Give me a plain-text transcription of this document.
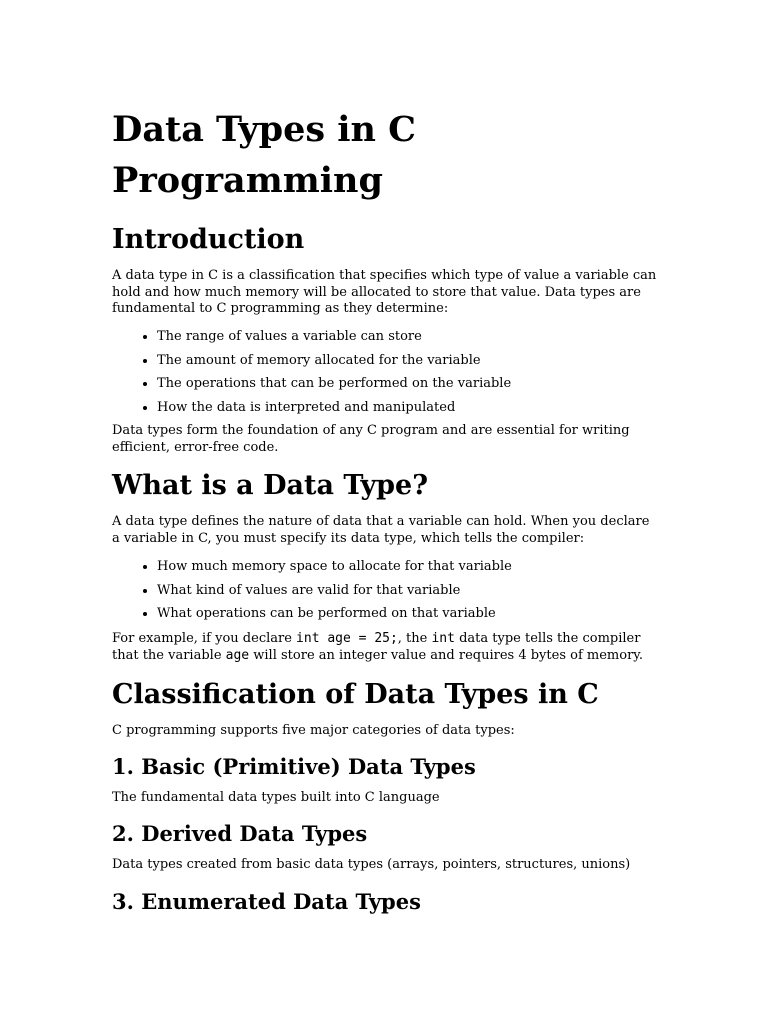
Data Types in C Programming
Introduction

A data type in C is a classification that specifies which type of value a variable can hold and how much memory will be allocated to store that value. Data types are fundamental to C programming as they determine:

• The range of values a variable can store
• The amount of memory allocated for the variable
• The operations that can be performed on the variable
• How the data is interpreted and manipulated

Data types form the foundation of any C program and are essential for writing efficient, error-free code.

What is a Data Type?

A data type defines the nature of data that a variable can hold. When you declare a variable in C, you must specify its data type, which tells the compiler:

• How much memory space to allocate for that variable
• What kind of values are valid for that variable
• What operations can be performed on that variable

For example, if you declare int age = 25;, the int data type tells the compiler that the variable age will store an integer value and requires 4 bytes of memory.

Classification of Data Types in C

C programming supports five major categories of data types:

1. Basic (Primitive) Data Types

The fundamental data types built into C language

2. Derived Data Types

Data types created from basic data types (arrays, pointers, structures, unions)

3. Enumerated Data Types
